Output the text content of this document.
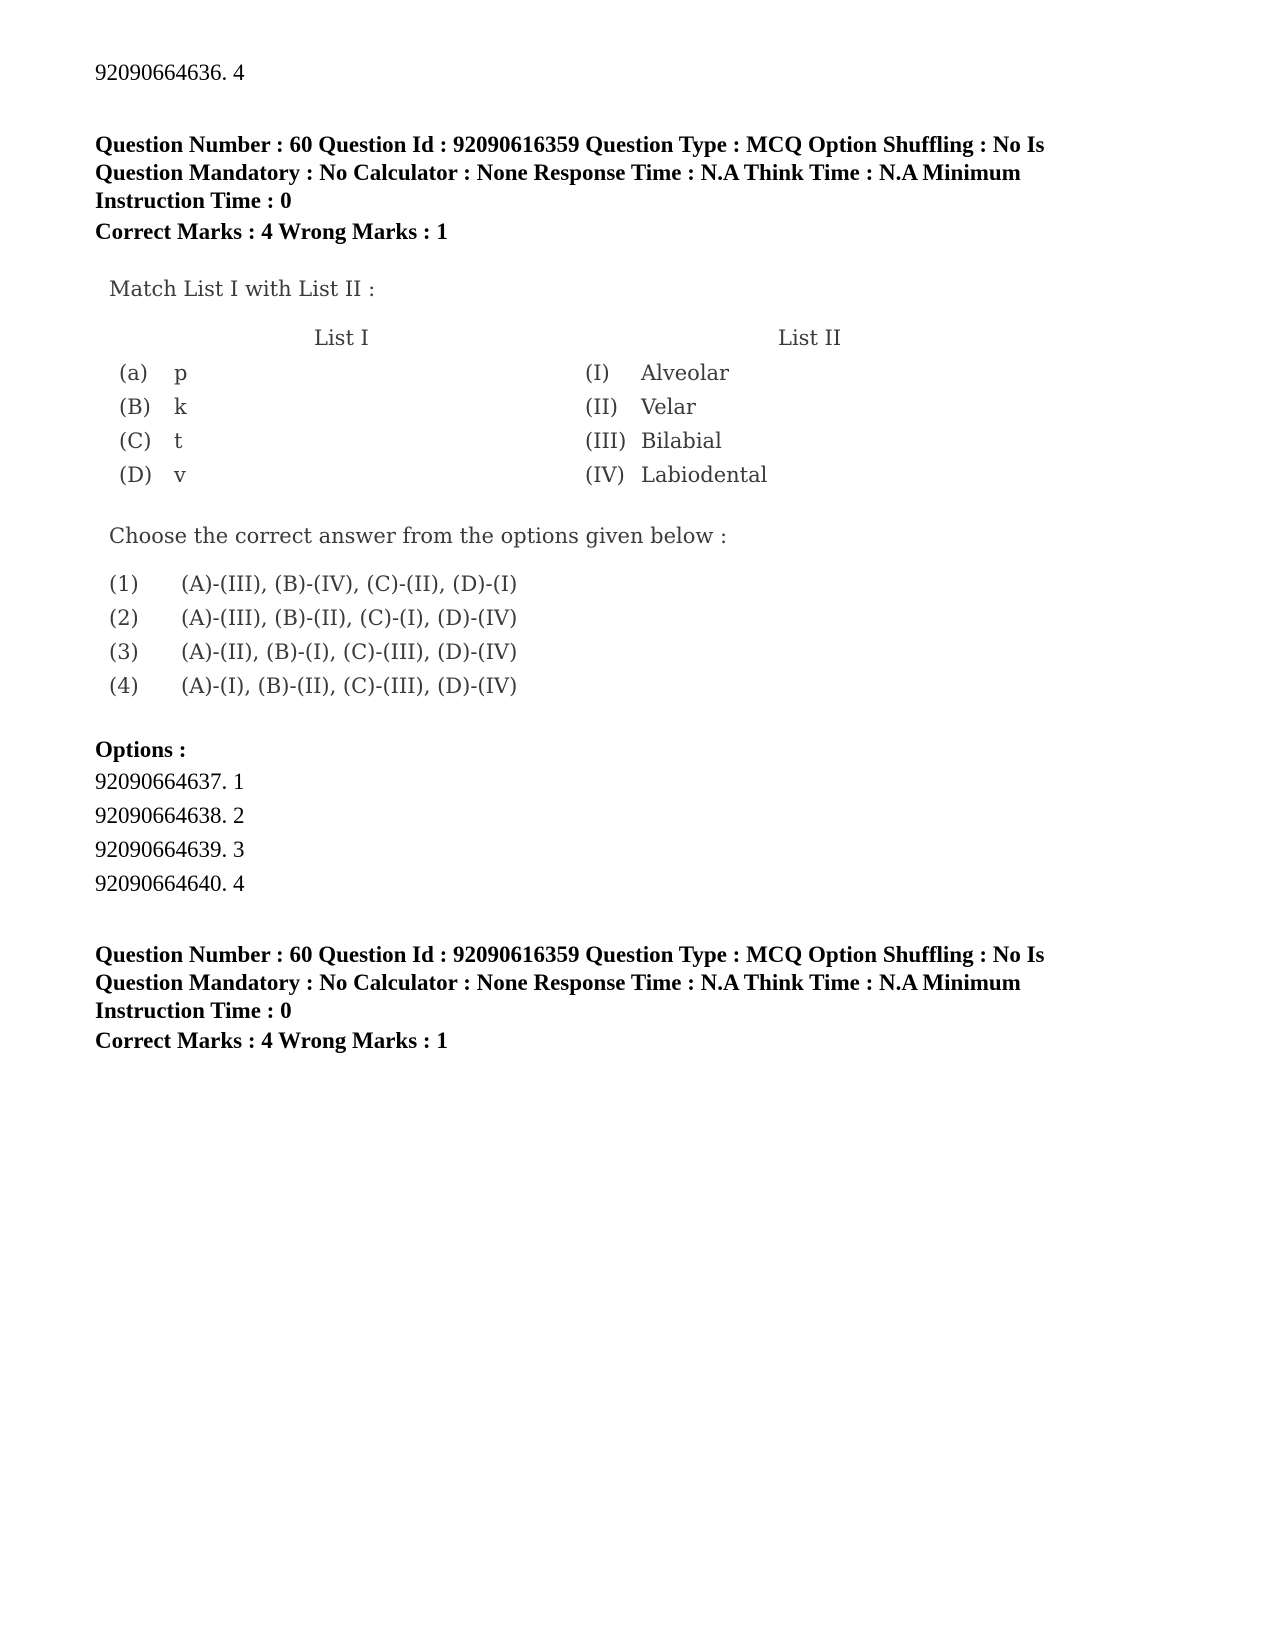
92090664636. 4
Question Number : 60 Question Id : 92090616359 Question Type : MCQ Option Shuffling : No Is
Question Mandatory : No Calculator : None Response Time : N.A Think Time : N.A Minimum
Instruction Time : 0
Correct Marks : 4 Wrong Marks : 1
Match List I with List II :
List I	List II
(a) p
(B) k
(C) t
(D) v
(I) Alveolar
(II) Velar
(III) Bilabial
(IV) Labiodental
Choose the correct answer from the options given below :
(1) (A)-(III), (B)-(IV), (C)-(II), (D)-(I)
(2) (A)-(III), (B)-(II), (C)-(I), (D)-(IV)
(3) (A)-(II), (B)-(I), (C)-(III), (D)-(IV)
(4) (A)-(I), (B)-(II), (C)-(III), (D)-(IV)
Options :
92090664637. 1
92090664638. 2
92090664639. 3
92090664640. 4
Question Number : 60 Question Id : 92090616359 Question Type : MCQ Option Shuffling : No Is
Question Mandatory : No Calculator : None Response Time : N.A Think Time : N.A Minimum
Instruction Time : 0
Correct Marks : 4 Wrong Marks : 1
